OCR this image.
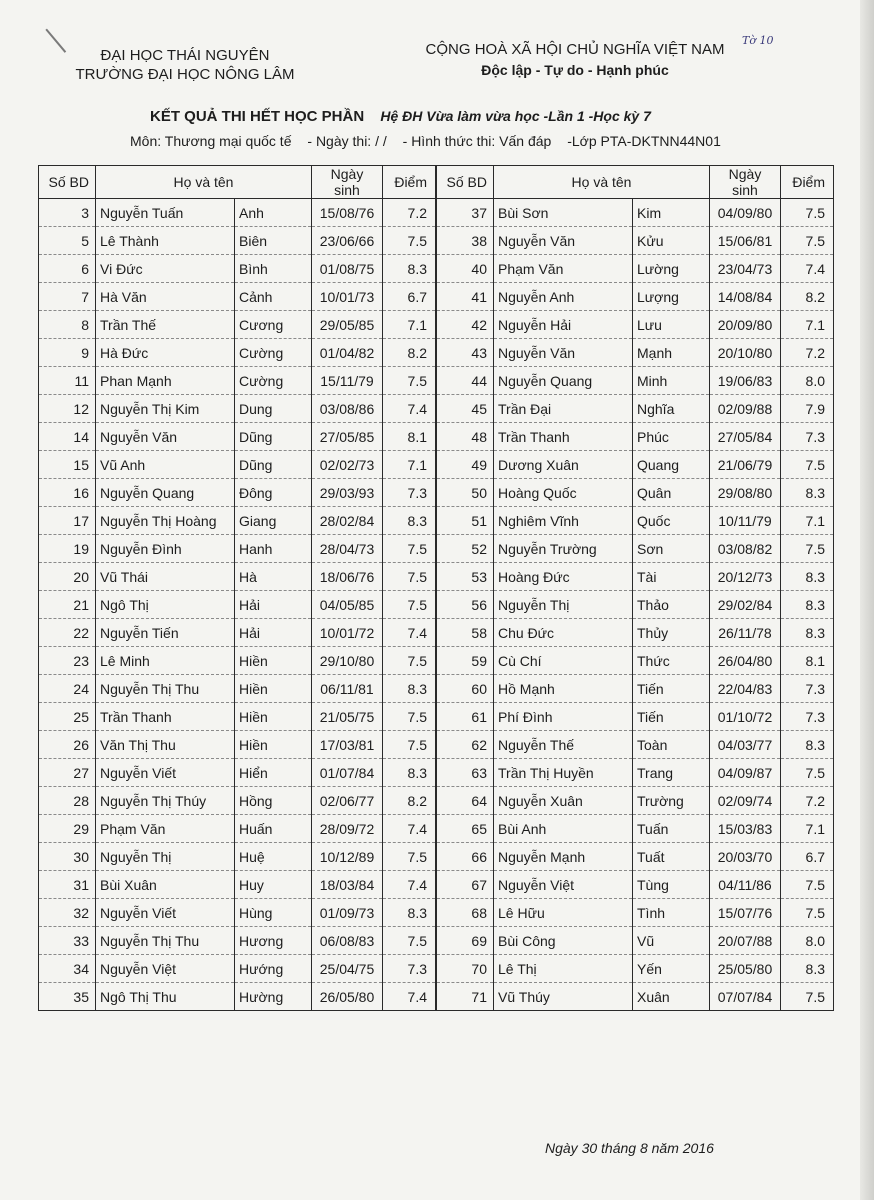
ĐẠI HỌC THÁI NGUYÊN
TRƯỜNG ĐẠI HỌC NÔNG LÂM
CỘNG HOÀ XÃ HỘI CHỦ NGHĨA VIỆT NAM
Độc lập - Tự do - Hạnh phúc
Tờ 10
KẾT QUẢ THI HẾT HỌC PHẦN Hệ ĐH Vừa làm vừa học -Lần 1 -Học kỳ 7
Môn: Thương mại quốc tế - Ngày thi: / / - Hình thức thi: Vấn đáp -Lớp PTA-DKTNN44N01
Số BD	Họ và tên		Ngày sinh	Điểm	Số BD	Họ và tên		Ngày sinh	Điểm
3	Nguyễn Tuấn	Anh	15/08/76	7.2	37	Bùi Sơn	Kim	04/09/80	7.5
5	Lê Thành	Biên	23/06/66	7.5	38	Nguyễn Văn	Kửu	15/06/81	7.5
6	Vi Đức	Bình	01/08/75	8.3	40	Phạm Văn	Lường	23/04/73	7.4
7	Hà Văn	Cảnh	10/01/73	6.7	41	Nguyễn Anh	Lượng	14/08/84	8.2
8	Trần Thế	Cương	29/05/85	7.1	42	Nguyễn Hải	Lưu	20/09/80	7.1
9	Hà Đức	Cường	01/04/82	8.2	43	Nguyễn Văn	Mạnh	20/10/80	7.2
11	Phan Mạnh	Cường	15/11/79	7.5	44	Nguyễn Quang	Minh	19/06/83	8.0
12	Nguyễn Thị Kim	Dung	03/08/86	7.4	45	Trần Đại	Nghĩa	02/09/88	7.9
14	Nguyễn Văn	Dũng	27/05/85	8.1	48	Trần Thanh	Phúc	27/05/84	7.3
15	Vũ Anh	Dũng	02/02/73	7.1	49	Dương Xuân	Quang	21/06/79	7.5
16	Nguyễn Quang	Đông	29/03/93	7.3	50	Hoàng Quốc	Quân	29/08/80	8.3
17	Nguyễn Thị Hoàng	Giang	28/02/84	8.3	51	Nghiêm Vĩnh	Quốc	10/11/79	7.1
19	Nguyễn Đình	Hanh	28/04/73	7.5	52	Nguyễn Trường	Sơn	03/08/82	7.5
20	Vũ Thái	Hà	18/06/76	7.5	53	Hoàng Đức	Tài	20/12/73	8.3
21	Ngô Thị	Hải	04/05/85	7.5	56	Nguyễn Thị	Thảo	29/02/84	8.3
22	Nguyễn Tiến	Hải	10/01/72	7.4	58	Chu Đức	Thủy	26/11/78	8.3
23	Lê Minh	Hiền	29/10/80	7.5	59	Cù Chí	Thức	26/04/80	8.1
24	Nguyễn Thị Thu	Hiền	06/11/81	8.3	60	Hồ Mạnh	Tiến	22/04/83	7.3
25	Trần Thanh	Hiền	21/05/75	7.5	61	Phí Đình	Tiến	01/10/72	7.3
26	Văn Thị Thu	Hiền	17/03/81	7.5	62	Nguyễn Thế	Toàn	04/03/77	8.3
27	Nguyễn Viết	Hiển	01/07/84	8.3	63	Trần Thị Huyền	Trang	04/09/87	7.5
28	Nguyễn Thị Thúy	Hồng	02/06/77	8.2	64	Nguyễn Xuân	Trường	02/09/74	7.2
29	Phạm Văn	Huấn	28/09/72	7.4	65	Bùi Anh	Tuấn	15/03/83	7.1
30	Nguyễn Thị	Huệ	10/12/89	7.5	66	Nguyễn Mạnh	Tuất	20/03/70	6.7
31	Bùi Xuân	Huy	18/03/84	7.4	67	Nguyễn Việt	Tùng	04/11/86	7.5
32	Nguyễn Viết	Hùng	01/09/73	8.3	68	Lê Hữu	Tình	15/07/76	7.5
33	Nguyễn Thị Thu	Hương	06/08/83	7.5	69	Bùi Công	Vũ	20/07/88	8.0
34	Nguyễn Việt	Hướng	25/04/75	7.3	70	Lê Thị	Yến	25/05/80	8.3
35	Ngô Thị Thu	Hường	26/05/80	7.4	71	Vũ Thúy	Xuân	07/07/84	7.5
Ngày 30 tháng 8 năm 2016
